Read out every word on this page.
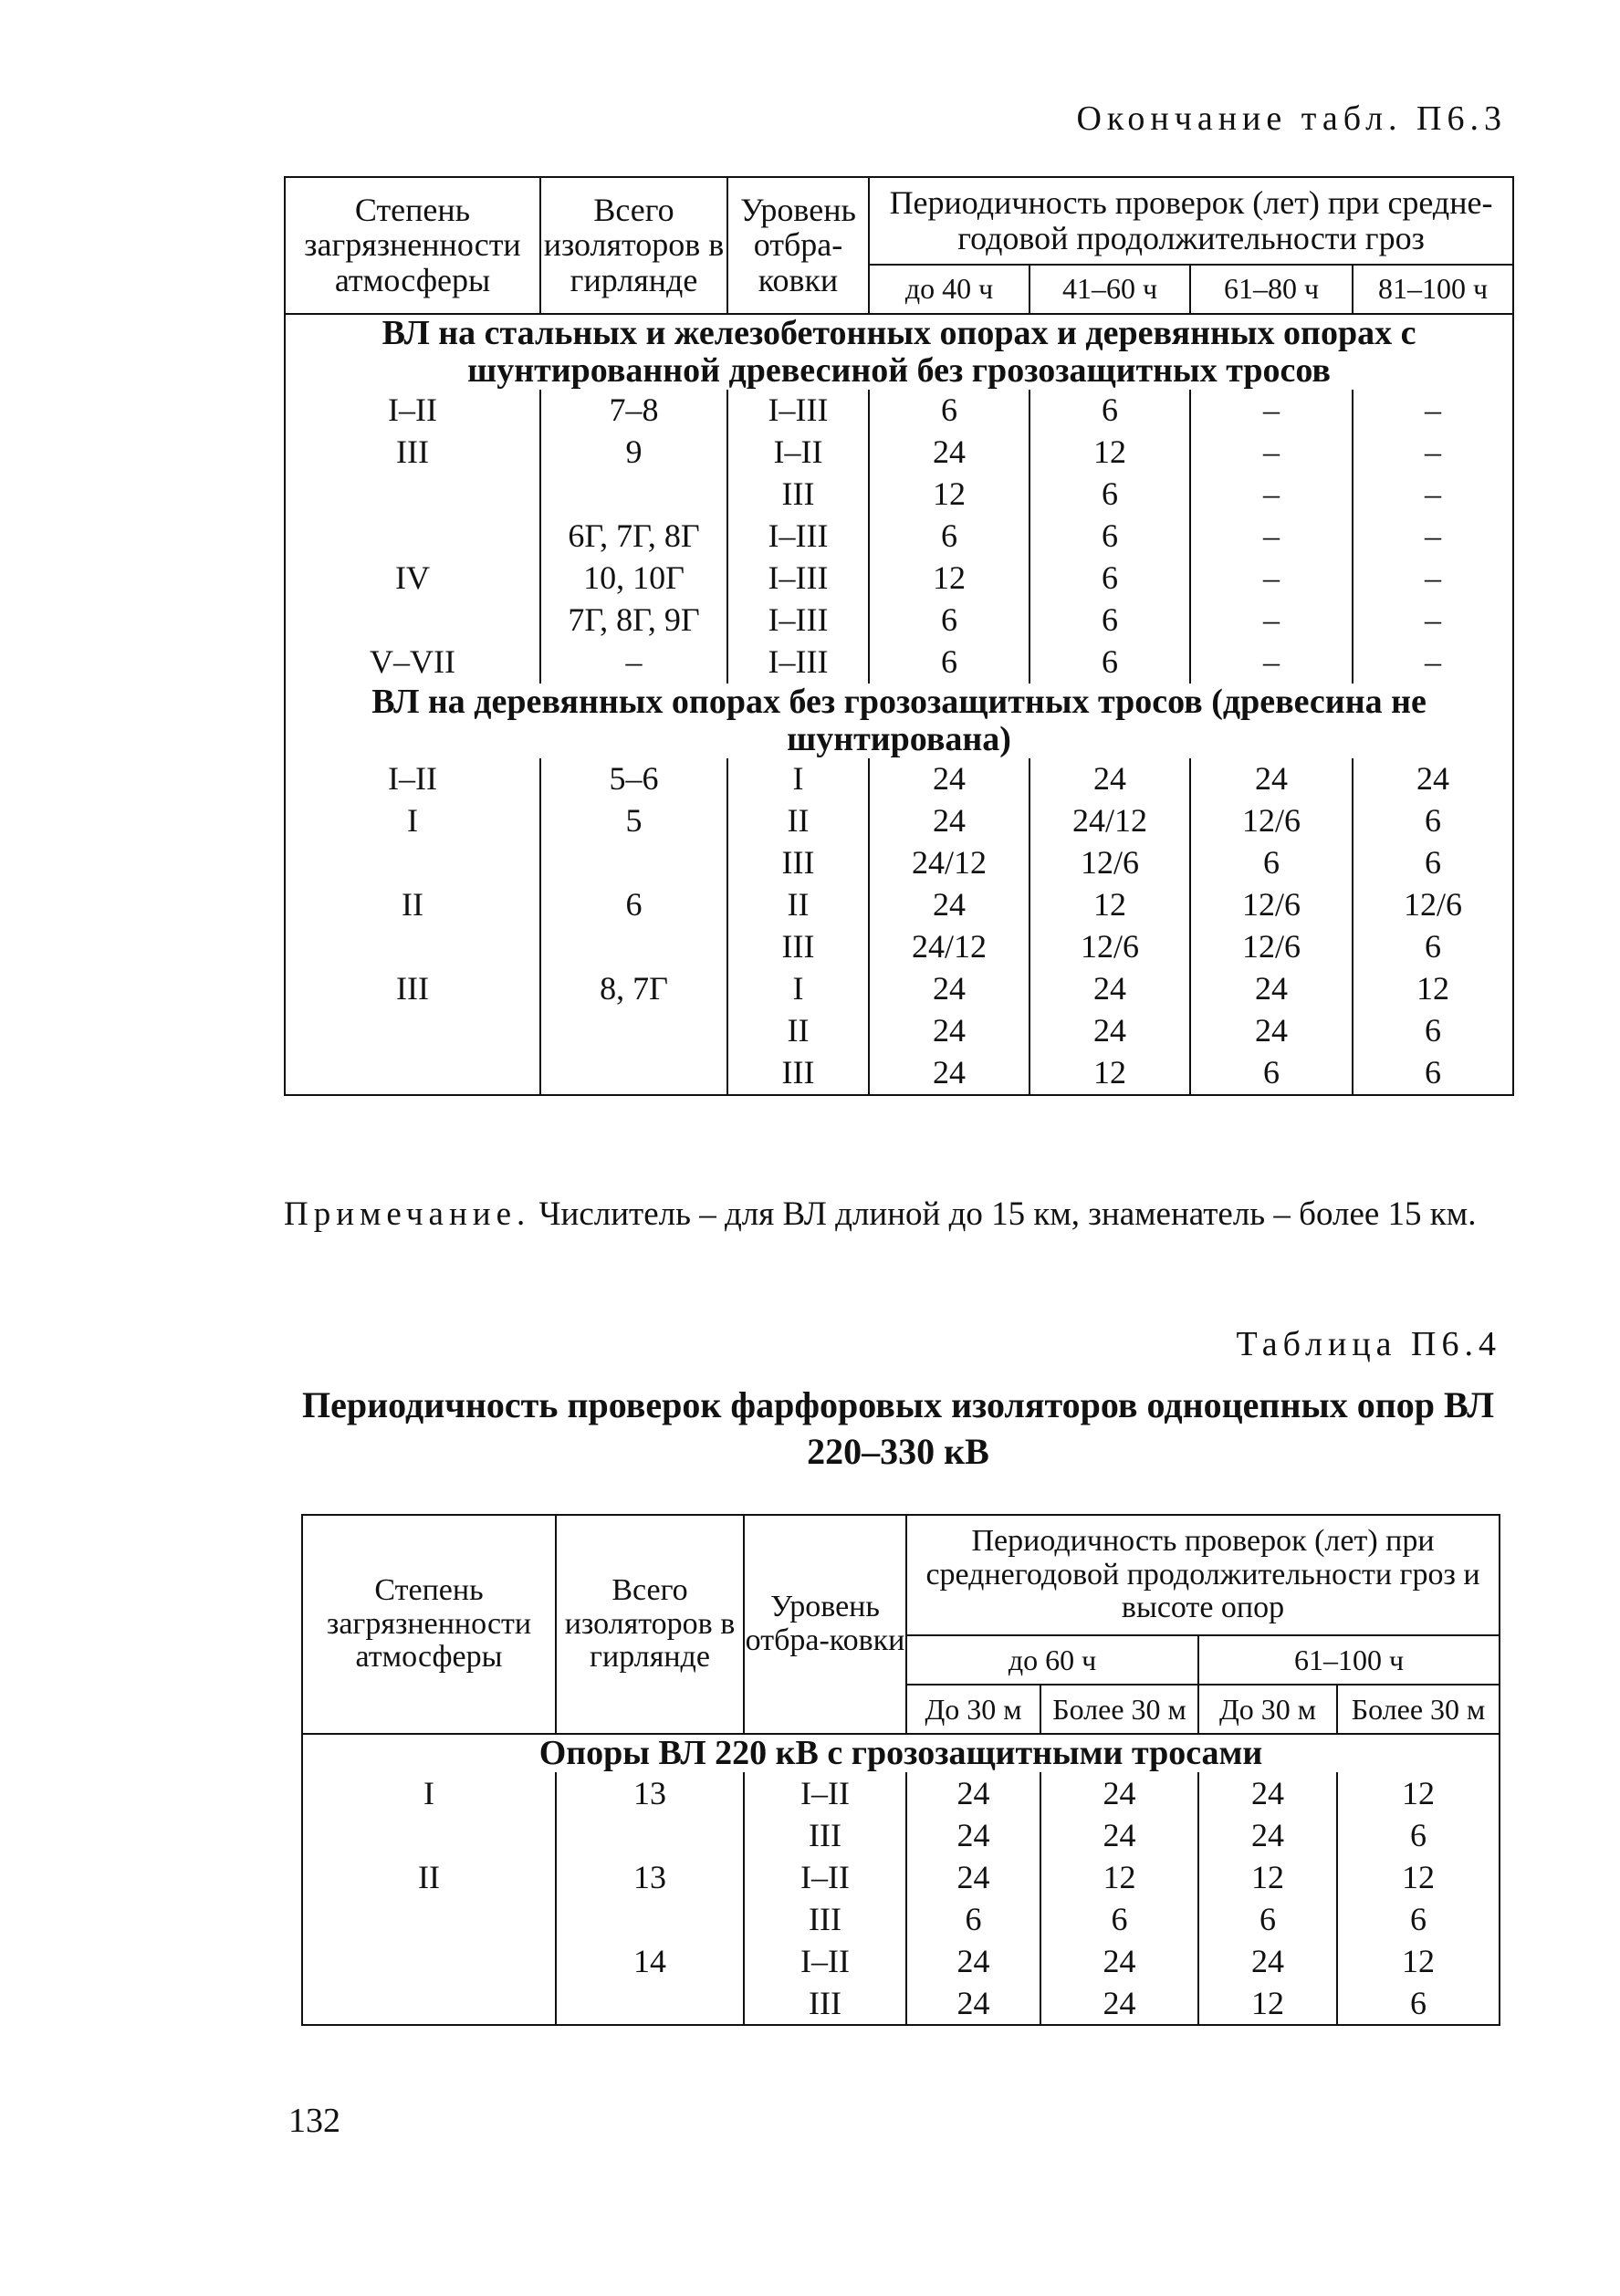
Окончание табл. П6.3
Степень загрязненности атмосферы	Всего изоляторов в гирлянде	Уровень отбра-ковки	Периодичность проверок (лет) при средне-годовой продолжительности гроз			
			до 40 ч	41–60 ч	61–80 ч	81–100 ч
ВЛ на стальных и железобетонных опорах и деревянных опорах с шунтированной древесиной без грозозащитных тросов						
I–II	7–8	I–III	6	6	–	–
III	9	I–II	24	12	–	–
		III	12	6	–	–
	6Г, 7Г, 8Г	I–III	6	6	–	–
IV	10, 10Г	I–III	12	6	–	–
	7Г, 8Г, 9Г	I–III	6	6	–	–
V–VII	–	I–III	6	6	–	–
ВЛ на деревянных опорах без грозозащитных тросов (древесина не шунтирована)						
I–II	5–6	I	24	24	24	24
I	5	II	24	24/12	12/6	6
		III	24/12	12/6	6	6
II	6	II	24	12	12/6	12/6
		III	24/12	12/6	12/6	6
III	8, 7Г	I	24	24	24	12
		II	24	24	24	6
		III	24	12	6	6
Примечание. Числитель – для ВЛ длиной до 15 км, знаменатель – более 15 км.
Таблица П6.4
Периодичность проверок фарфоровых изоляторов одноцепных опор ВЛ 220–330 кВ
Степень загрязненности атмосферы	Всего изоляторов в гирлянде	Уровень отбра-ковки	Периодичность проверок (лет) при среднегодовой продолжительности гроз и высоте опор			
			до 60 ч		61–100 ч	
			До 30 м	Более 30 м	До 30 м	Более 30 м
Опоры ВЛ 220 кВ с грозозащитными тросами						
I	13	I–II	24	24	24	12
		III	24	24	24	6
II	13	I–II	24	12	12	12
		III	6	6	6	6
	14	I–II	24	24	24	12
		III	24	24	12	6
132
